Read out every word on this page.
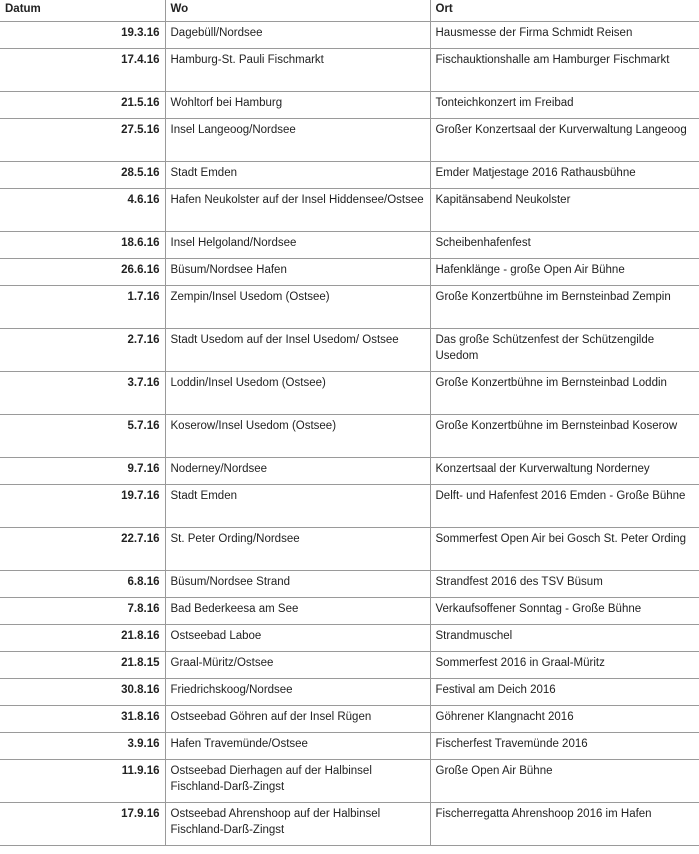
Datum	Wo	Ort
19.3.16	Dagebüll/Nordsee	Hausmesse der Firma Schmidt Reisen
17.4.16	Hamburg-St. Pauli Fischmarkt	Fischauktionshalle am Hamburger Fischmarkt
21.5.16	Wohltorf bei Hamburg	Tonteichkonzert im Freibad
27.5.16	Insel Langeoog/Nordsee	Großer Konzertsaal der Kurverwaltung Langeoog
28.5.16	Stadt Emden	Emder Matjestage 2016 Rathausbühne
4.6.16	Hafen Neukolster auf der Insel Hiddensee/Ostsee	Kapitänsabend Neukolster
18.6.16	Insel Helgoland/Nordsee	Scheibenhafenfest
26.6.16	Büsum/Nordsee Hafen	Hafenklänge - große Open Air Bühne
1.7.16	Zempin/Insel Usedom (Ostsee)	Große Konzertbühne im Bernsteinbad Zempin
2.7.16	Stadt Usedom auf der Insel Usedom/ Ostsee	Das große Schützenfest der Schützengilde Usedom
3.7.16	Loddin/Insel Usedom (Ostsee)	Große Konzertbühne im Bernsteinbad Loddin
5.7.16	Koserow/Insel Usedom (Ostsee)	Große Konzertbühne im Bernsteinbad Koserow
9.7.16	Noderney/Nordsee	Konzertsaal der Kurverwaltung Norderney
19.7.16	Stadt Emden	Delft- und Hafenfest 2016 Emden - Große Bühne
22.7.16	St. Peter Ording/Nordsee	Sommerfest Open Air bei Gosch St. Peter Ording
6.8.16	Büsum/Nordsee Strand	Strandfest 2016 des TSV Büsum
7.8.16	Bad Bederkeesa am See	Verkaufsoffener Sonntag - Große Bühne
21.8.16	Ostseebad Laboe	Strandmuschel
21.8.15	Graal-Müritz/Ostsee	Sommerfest 2016 in Graal-Müritz
30.8.16	Friedrichskoog/Nordsee	Festival am Deich 2016
31.8.16	Ostseebad Göhren auf der Insel Rügen	Göhrener Klangnacht 2016
3.9.16	Hafen Travemünde/Ostsee	Fischerfest Travemünde 2016
11.9.16	Ostseebad Dierhagen auf der Halbinsel Fischland-Darß-Zingst	Große Open Air Bühne
17.9.16	Ostseebad Ahrenshoop auf der Halbinsel Fischland-Darß-Zingst	Fischerregatta Ahrenshoop 2016 im Hafen
